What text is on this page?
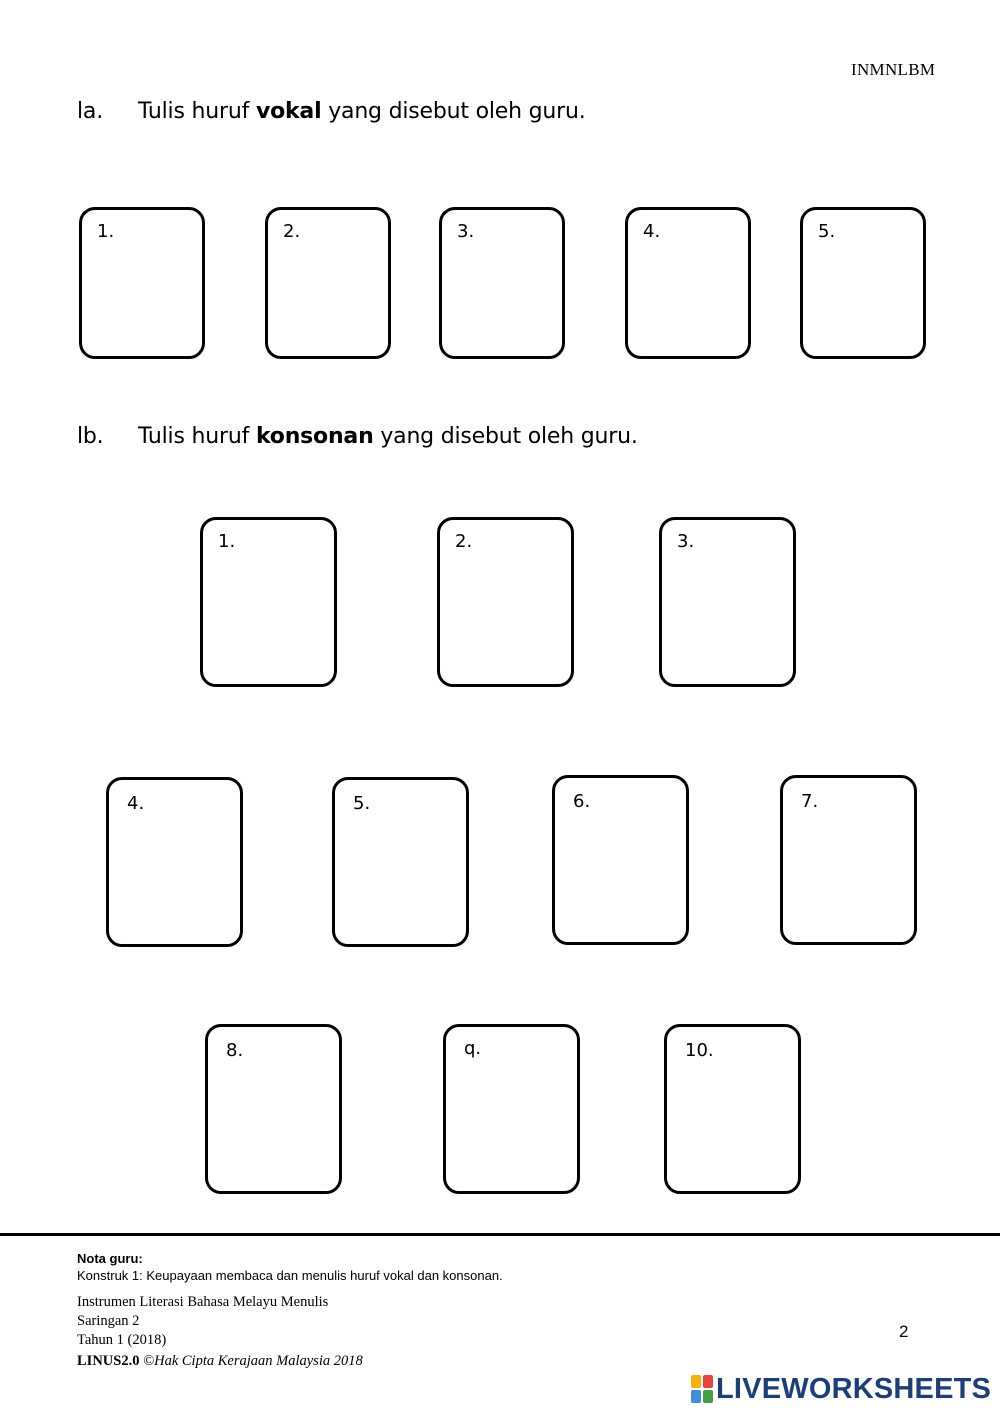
INMNLBM
la. Tulis huruf vokal yang disebut oleh guru.
1.	2.	3.	4.	5.
lb. Tulis huruf konsonan yang disebut oleh guru.
1.	2.	3.
4.	5.	6.	7.
8.	q.	10.
Nota guru:
Konstruk 1: Keupayaan membaca dan menulis huruf vokal dan konsonan.
Instrumen Literasi Bahasa Melayu Menulis
Saringan 2
Tahun 1 (2018)
LINUS2.0 ©Hak Cipta Kerajaan Malaysia 2018
2
LIVEWORKSHEETS
